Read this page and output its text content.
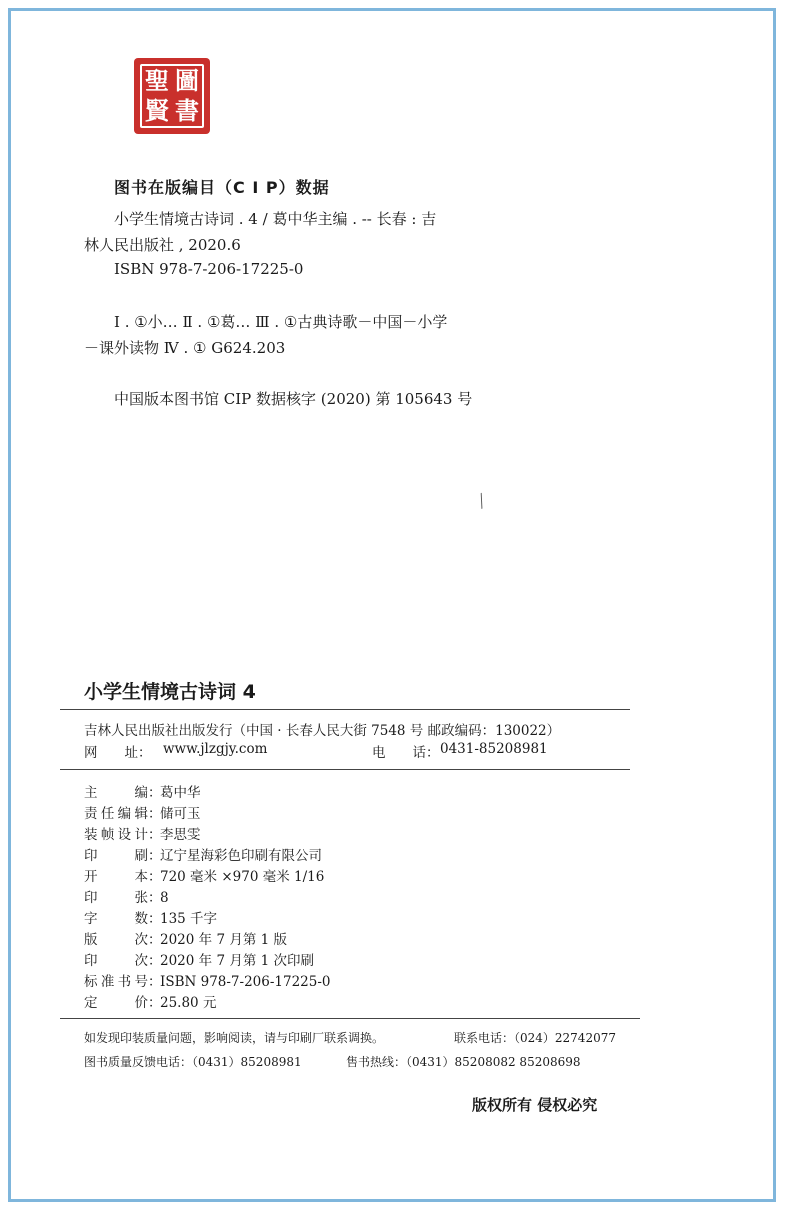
聖
賢
圖
書
图书在版编目（C I P）数据
小学生情境古诗词 . 4 / 葛中华主编 . -- 长春 : 吉
林人民出版社 , 2020.6
ISBN 978-7-206-17225-0
Ⅰ . ①小… Ⅱ . ①葛… Ⅲ . ①古典诗歌－中国－小学
－课外读物 Ⅳ . ① G624.203
中国版本图书馆 CIP 数据核字 (2020) 第 105643 号
╱
小学生情境古诗词 4
吉林人民出版社出版发行（中国 · 长春人民大街 7548 号 邮政编码：130022）
网　　址： www.jlzgjy.com	电　　话： 0431-85208981
主编：葛中华
责任编辑：储可玉
装帧设计：李思雯
印刷：辽宁星海彩色印刷有限公司
开本：720 毫米 ×970 毫米 1/16
印张：8
字数：135 千字
版次：2020 年 7 月第 1 版
印次：2020 年 7 月第 1 次印刷
标准书号：ISBN 978-7-206-17225-0
定价：25.80 元
如发现印装质量问题，影响阅读，请与印刷厂联系调换。	联系电话：（024）22742077
图书质量反馈电话：（0431）85208981	售书热线：（0431）85208082 85208698
版权所有 侵权必究
